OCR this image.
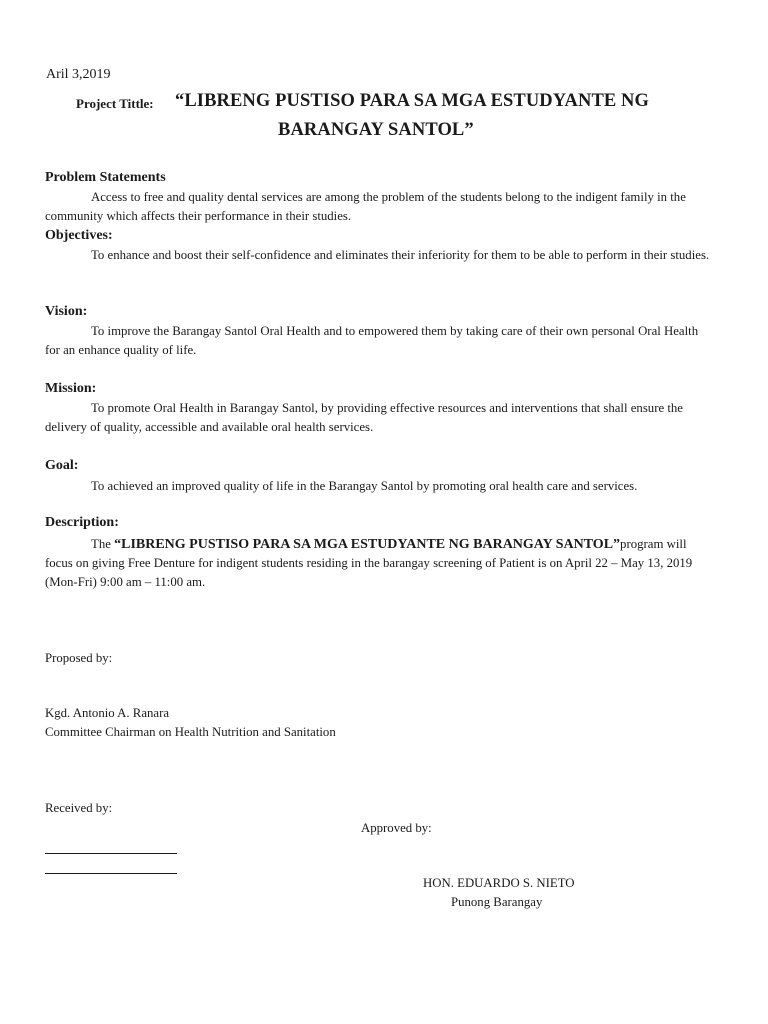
Aril 3,2019
Project Tittle: “LIBRENG PUSTISO PARA SA MGA ESTUDYANTE NG
BARANGAY SANTOL”
Problem Statements
Access to free and quality dental services are among the problem of the students belong to the indigent family in the community which affects their performance in their studies.
Objectives:
To enhance and boost their self-confidence and eliminates their inferiority for them to be able to perform in their studies.
Vision:
To improve the Barangay Santol Oral Health and to empowered them by taking care of their own personal Oral Health for an enhance quality of life.
Mission:
To promote Oral Health in Barangay Santol, by providing effective resources and interventions that shall ensure the delivery of quality, accessible and available oral health services.
Goal:
To achieved an improved quality of life in the Barangay Santol by promoting oral health care and services.
Description:
The “LIBRENG PUSTISO PARA SA MGA ESTUDYANTE NG BARANGAY SANTOL”program will focus on giving Free Denture for indigent students residing in the barangay screening of Patient is on April 22 – May 13, 2019 (Mon-Fri) 9:00 am – 11:00 am.
Proposed by:
Kgd. Antonio A. Ranara
Committee Chairman on Health Nutrition and Sanitation
Received by:
Approved by:
HON. EDUARDO S. NIETO
Punong Barangay
